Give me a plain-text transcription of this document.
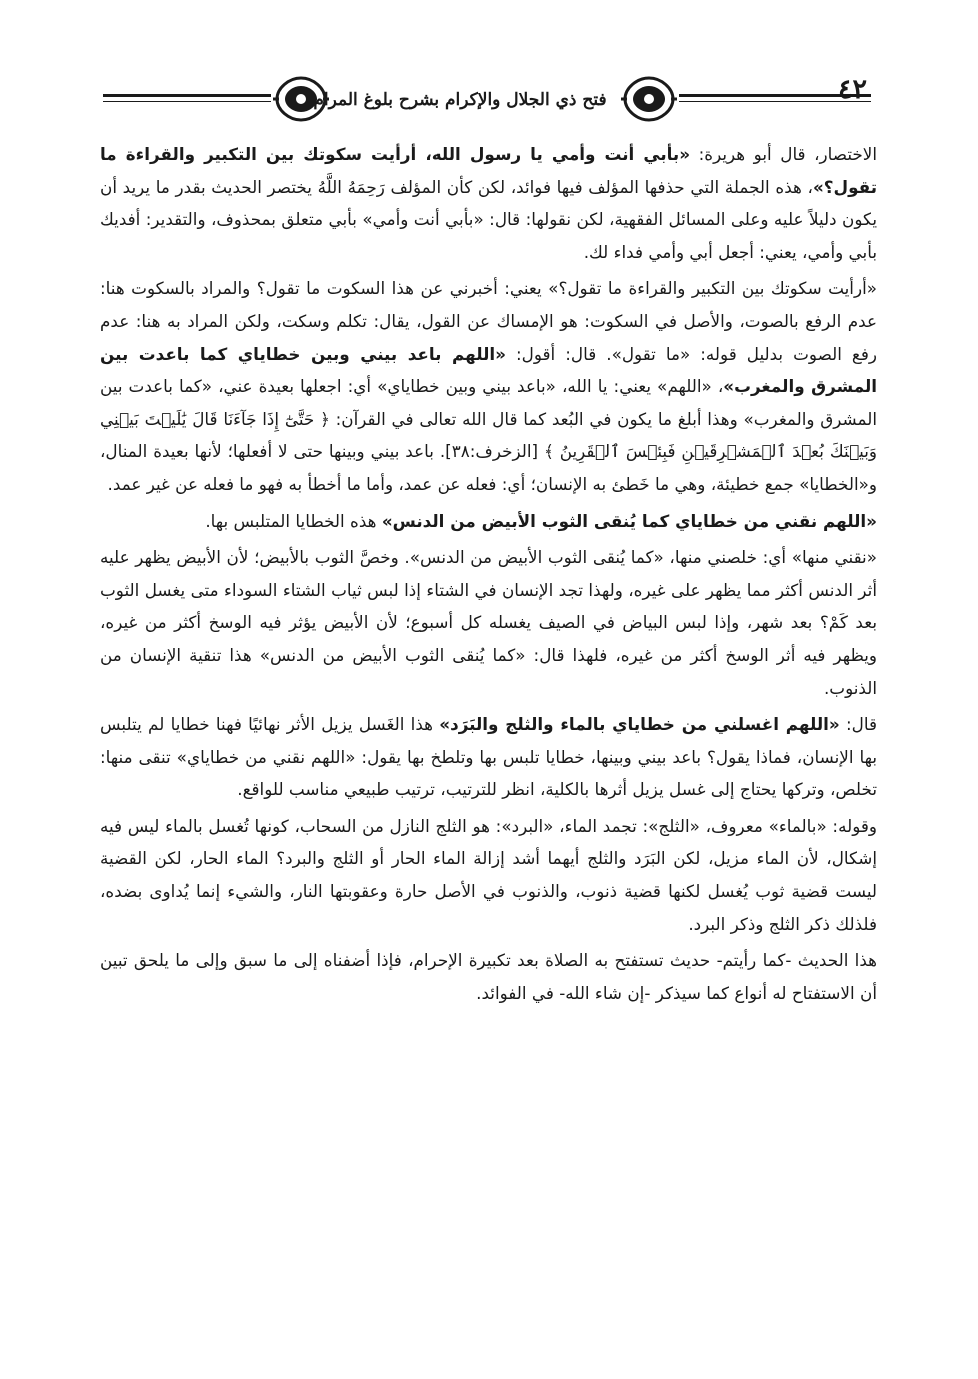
فتح ذي الجلال والإكرام بشرح بلوغ المرام	٤٢

الاختصار، قال أبو هريرة: «بأبي أنت وأمي يا رسول الله، أرأيت سكوتك بين التكبير والقراءة ما تقول؟»، هذه الجملة التي حذفها المؤلف فيها فوائد، لكن كأن المؤلف رَحِمَهُ اللَّهُ يختصر الحديث بقدر ما يريد أن يكون دليلاً عليه وعلى المسائل الفقهية، لكن نقولها: قال: «بأبي أنت وأمي» بأبي متعلق بمحذوف، والتقدير: أفديك بأبي وأمي، يعني: أجعل أبي وأمي فداء لك.

«أرأيت سكوتك بين التكبير والقراءة ما تقول؟» يعني: أخبرني عن هذا السكوت ما تقول؟ والمراد بالسكوت هنا: عدم الرفع بالصوت، والأصل في السكوت: هو الإمساك عن القول، يقال: تكلم وسكت، ولكن المراد به هنا: عدم رفع الصوت بدليل قوله: «ما تقول». قال: أقول: «اللهم باعد بيني وبين خطاياي كما باعدت بين المشرق والمغرب»، «اللهم» يعني: يا الله، «باعد بيني وبين خطاياي» أي: اجعلها بعيدة عني، «كما باعدت بين المشرق والمغرب» وهذا أبلغ ما يكون في البُعد كما قال الله تعالى في القرآن: ﴿ حَتَّىٰٓ إِذَا جَآءَنَا قَالَ يَٰلَيۡتَ بَيۡنِي وَبَيۡنَكَ بُعۡدَ ٱلۡمَشۡرِقَيۡنِ فَبِئۡسَ ٱلۡقَرِينُ ﴾ [الزخرف:٣٨]. باعد بيني وبينها حتى لا أفعلها؛ لأنها بعيدة المنال، و«الخطايا» جمع خطيئة، وهي ما خَطئ به الإنسان؛ أي: فعله عن عمد، وأما ما أخطأ به فهو ما فعله عن غير عمد.

«اللهم نقني من خطاياي كما يُنقى الثوب الأبيض من الدنس» هذه الخطايا المتلبس بها.

«نقني منها» أي: خلصني منها، «كما يُنقى الثوب الأبيض من الدنس». وخصَّ الثوب بالأبيض؛ لأن الأبيض يظهر عليه أثر الدنس أكثر مما يظهر على غيره، ولهذا تجد الإنسان في الشتاء إذا لبس ثياب الشتاء السوداء متى يغسل الثوب بعد كَمْ؟ بعد شهر، وإذا لبس البياض في الصيف يغسله كل أسبوع؛ لأن الأبيض يؤثر فيه الوسخ أكثر من غيره، ويظهر فيه أثر الوسخ أكثر من غيره، فلهذا قال: «كما يُنقى الثوب الأبيض من الدنس» هذا تنقية الإنسان من الذنوب.

قال: «اللهم اغسلني من خطاياي بالماء والثلج والبَرَد» هذا الغَسل يزيل الأثر نهائيًا فهنا خطايا لم يتلبس بها الإنسان، فماذا يقول؟ باعد بيني وبينها، خطايا تلبس بها وتلطخ بها يقول: «اللهم نقني من خطاياي» تنقى منها: تخلص، وتركها يحتاج إلى غسل يزيل أثرها بالكلية، انظر للترتيب، ترتيب طبيعي مناسب للواقع.

وقوله: «بالماء» معروف، «الثلج»: تجمد الماء، «البرد»: هو الثلج النازل من السحاب، كونها تُغسل بالماء ليس فيه إشكال، لأن الماء مزيل، لكن البَرَد والثلج أيهما أشد إزالة الماء الحار أو الثلج والبرد؟ الماء الحار، لكن القضية ليست قضية ثوب يُغسل لكنها قضية ذنوب، والذنوب في الأصل حارة وعقوبتها النار، والشيء إنما يُداوى بضده، فلذلك ذكر الثلج وذكر البرد.

هذا الحديث -كما رأيتم- حديث تستفتح به الصلاة بعد تكبيرة الإحرام، فإذا أضفناه إلى ما سبق وإلى ما يلحق تبين أن الاستفتاح له أنواع كما سيذكر -إن شاء الله- في الفوائد.
